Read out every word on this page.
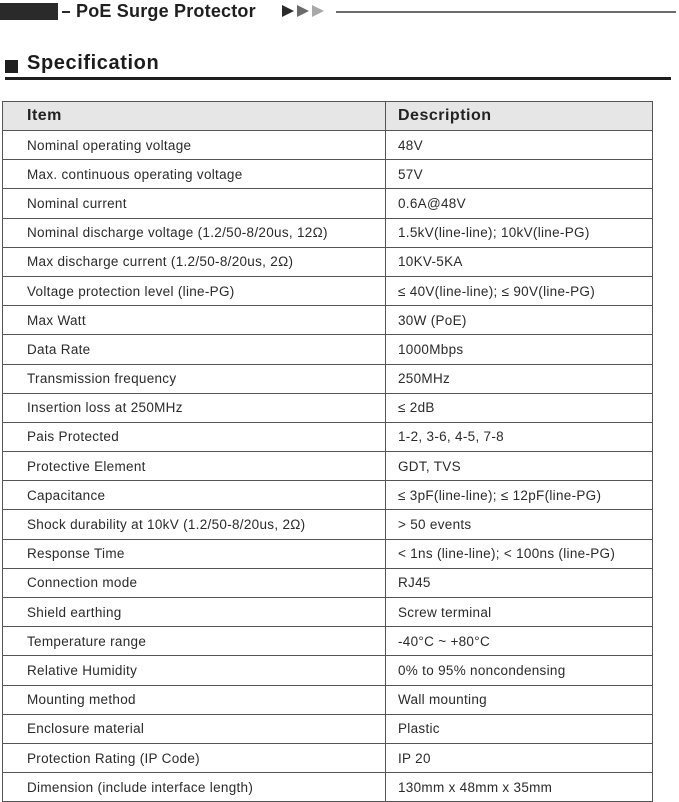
PoE Surge Protector
Specification
Item	Description
Nominal operating voltage	48V
Max. continuous operating voltage	57V
Nominal current	0.6A@48V
Nominal discharge voltage (1.2/50-8/20us, 12Ω)	1.5kV(line-line); 10kV(line-PG)
Max discharge current (1.2/50-8/20us, 2Ω)	10KV-5KA
Voltage protection level (line-PG)	≤ 40V(line-line); ≤ 90V(line-PG)
Max Watt	30W (PoE)
Data Rate	1000Mbps
Transmission frequency	250MHz
Insertion loss at 250MHz	≤ 2dB
Pais Protected	1-2, 3-6, 4-5, 7-8
Protective Element	GDT, TVS
Capacitance	≤ 3pF(line-line); ≤ 12pF(line-PG)
Shock durability at 10kV (1.2/50-8/20us, 2Ω)	> 50 events
Response Time	< 1ns (line-line); < 100ns (line-PG)
Connection mode	RJ45
Shield earthing	Screw terminal
Temperature range	-40°C ~ +80°C
Relative Humidity	0% to 95% noncondensing
Mounting method	Wall mounting
Enclosure material	Plastic
Protection Rating (IP Code)	IP 20
Dimension (include interface length)	130mm x 48mm x 35mm
